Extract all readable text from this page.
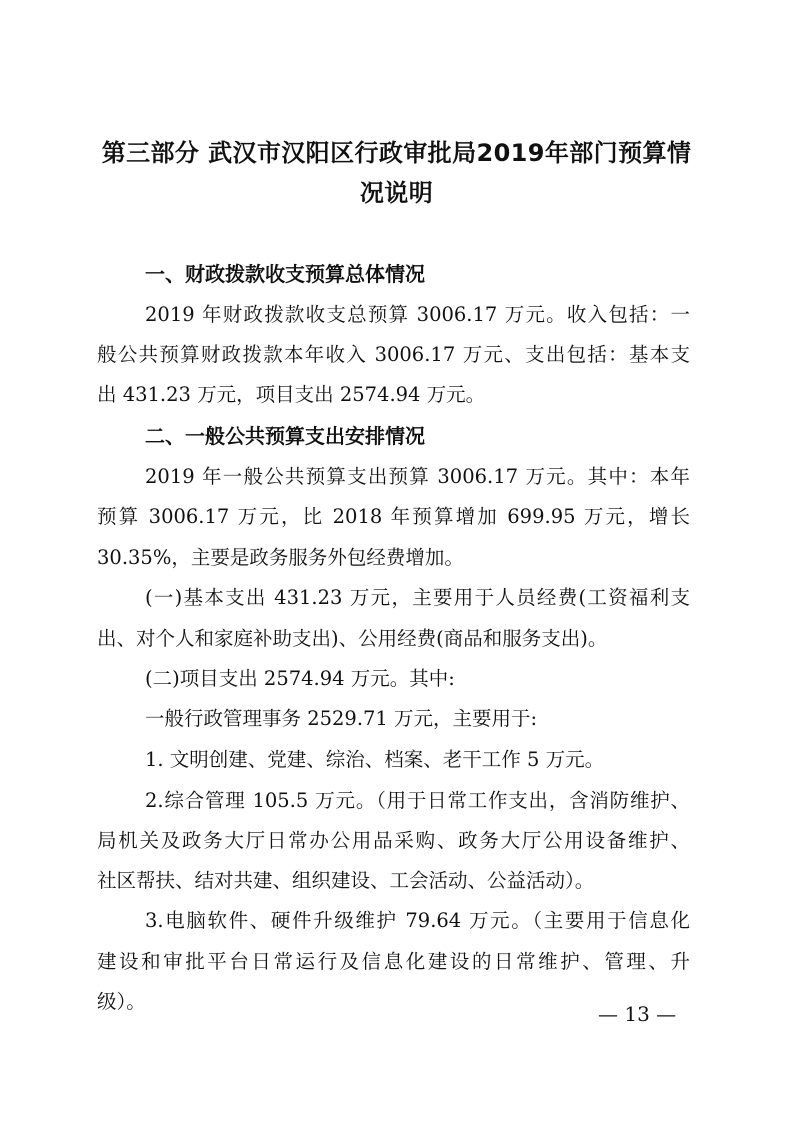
第三部分 武汉市汉阳区行政审批局2019年部门预算情
况说明
一、财政拨款收支预算总体情况
2019 年财政拨款收支总预算 3006.17 万元。收入包括：一
般公共预算财政拨款本年收入 3006.17 万元、支出包括：基本支
出 431.23 万元，项目支出 2574.94 万元。
二、一般公共预算支出安排情况
2019 年一般公共预算支出预算 3006.17 万元。其中：本年
预算 3006.17 万元，比 2018 年预算增加 699.95 万元，增长
30.35%，主要是政务服务外包经费增加。
(一)基本支出 431.23 万元，主要用于人员经费(工资福利支
出、对个人和家庭补助支出)、公用经费(商品和服务支出)。
(二)项目支出 2574.94 万元。其中:
一般行政管理事务 2529.71 万元，主要用于:
1. 文明创建、党建、综治、档案、老干工作 5 万元。
2.综合管理 105.5 万元。（用于日常工作支出，含消防维护、
局机关及政务大厅日常办公用品采购、政务大厅公用设备维护、
社区帮扶、结对共建、组织建设、工会活动、公益活动）。
3.电脑软件、硬件升级维护 79.64 万元。（主要用于信息化
建设和审批平台日常运行及信息化建设的日常维护、管理、升
级）。
— 13 —
